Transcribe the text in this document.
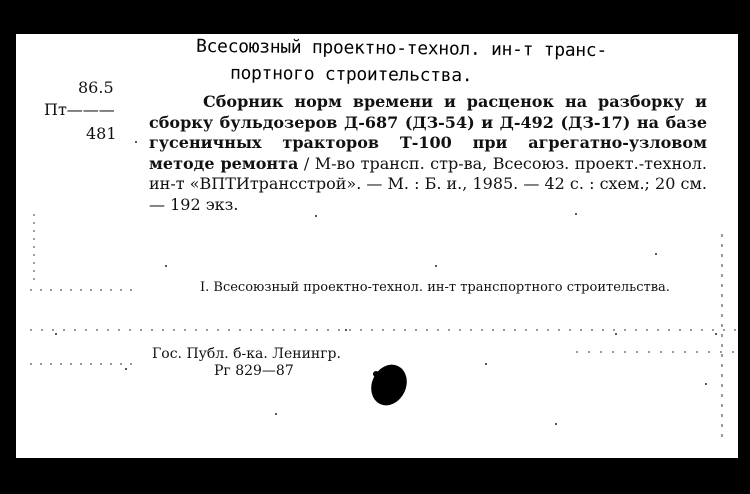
Всесоюзный проектно-технол. ин-т транс-
портного строительства.
86.5
Пт———
481
Сборник норм времени и расценок на разборку и сборку бульдозеров Д-687 (ДЗ-54) и Д-492 (ДЗ-17) на базе гусеничных тракторов Т-100 при агрегатно-узловом методе ремонта / М-во трансп. стр-ва, Всесоюз. проект.-технол. ин-т «ВПТИтрансстрой». — М. : Б. и., 1985. — 42 с. : схем.; 20 см. — 192 экз.
I. Всесоюзный проектно-технол. ин-т транспортного строительства.
Гос. Публ. б-ка. Ленингр.
Рг 829—87
